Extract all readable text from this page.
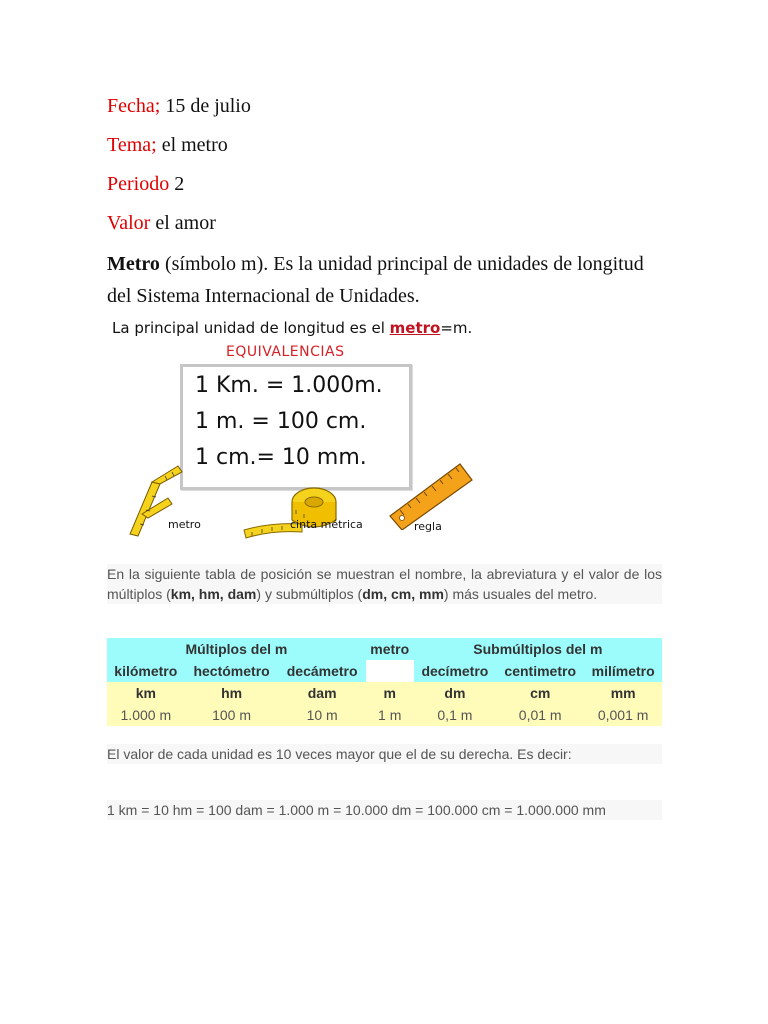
Fecha; 15 de julio
Tema; el metro
Periodo 2
Valor el amor
Metro (símbolo m). Es la unidad principal de unidades de longitud del Sistema Internacional de Unidades.
La principal unidad de longitud es el metro=m.
EQUIVALENCIAS
1 Km. = 1.000m.
1 m. = 100 cm.
1 cm.= 10 mm.
metro	cinta métrica	regla
En la siguiente tabla de posición se muestran el nombre, la abreviatura y el valor de los múltiplos (km, hm, dam) y submúltiplos (dm, cm, mm) más usuales del metro.
Múltiplos del m			metro	Submúltiplos del m		
kilómetro	hectómetro	decámetro		decímetro	centimetro	milímetro
km	hm	dam	m	dm	cm	mm
1.000 m	100 m	10 m	1 m	0,1 m	0,01 m	0,001 m
El valor de cada unidad es 10 veces mayor que el de su derecha. Es decir:
1 km = 10 hm = 100 dam = 1.000 m = 10.000 dm = 100.000 cm = 1.000.000 mm
